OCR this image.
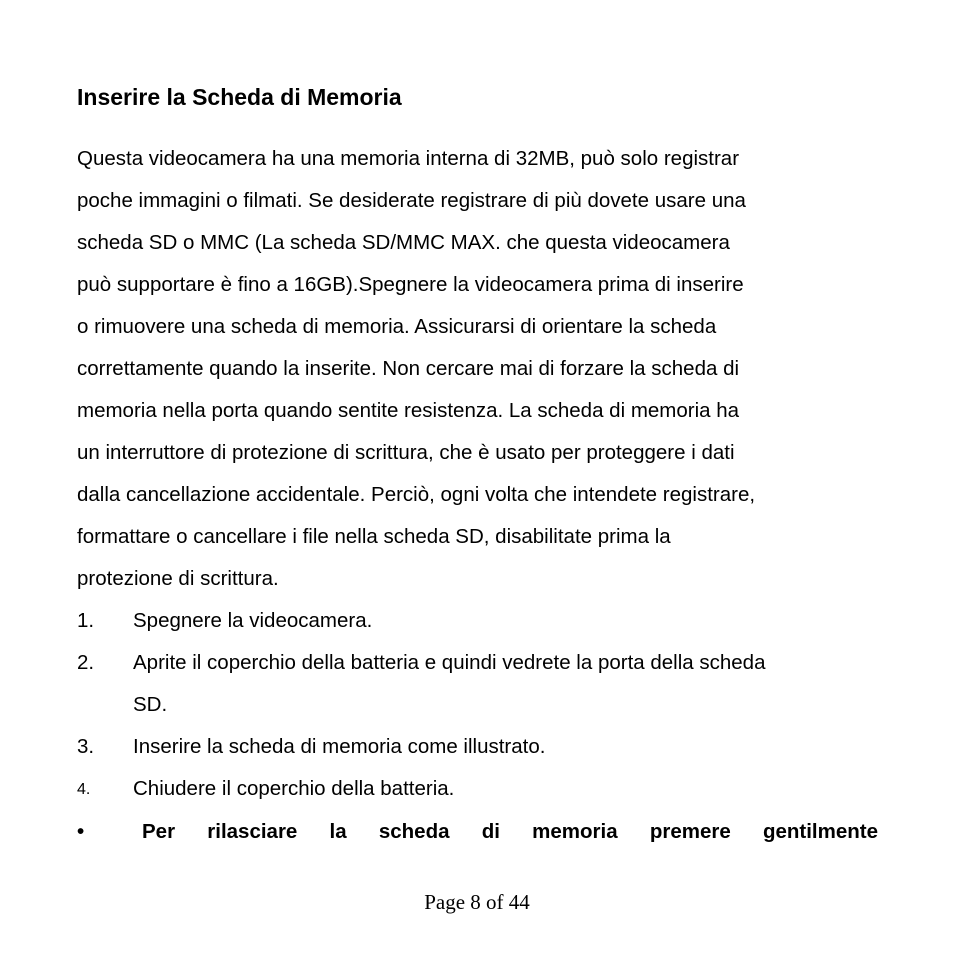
Inserire la Scheda di Memoria

Questa videocamera ha una memoria interna di 32MB, può solo registrar

poche immagini o filmati. Se desiderate registrare di più dovete usare una

scheda SD o MMC (La scheda SD/MMC MAX. che questa videocamera

può supportare è fino a 16GB).Spegnere la videocamera prima di inserire

o rimuovere una scheda di memoria. Assicurarsi di orientare la scheda

correttamente quando la inserite. Non cercare mai di forzare la scheda di

memoria nella porta quando sentite resistenza. La scheda di memoria ha

un interruttore di protezione di scrittura, che è usato per proteggere i dati

dalla cancellazione accidentale. Perciò, ogni volta che intendete registrare,

formattare o cancellare i file nella scheda SD, disabilitate prima la

protezione di scrittura.

1. Spegnere la videocamera.
2. Aprite il coperchio della batteria e quindi vedrete la porta della scheda
SD.
3. Inserire la scheda di memoria come illustrato.
4. Chiudere il coperchio della batteria.
•	Per rilasciare la scheda di memoria premere gentilmente
Page 8 of 44
